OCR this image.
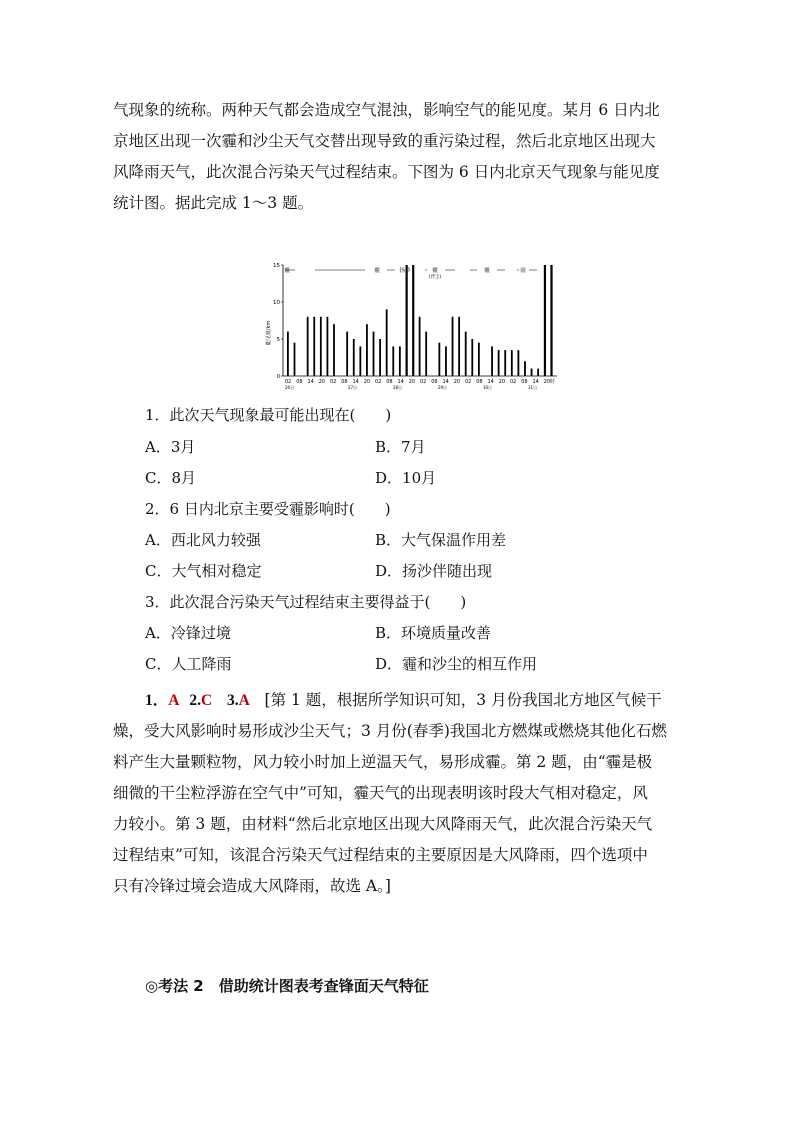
气现象的统称。两种天气都会造成空气混浊，影响空气的能见度。某月 6 日内北

京地区出现一次霾和沙尘天气交替出现导致的重污染过程，然后北京地区出现大

风降雨天气，此次混合污染天气过程结束。下图为 6 日内北京天气现象与能见度

统计图。据此完成 1～3 题。

能见度/km
0
5
10
15
02 08 14 20 02 08 14 20 02 08 14 20 02 08 14 20 02 08 14 20 02 08 14 20时
26日	27日	28日	29日	30日	31日
霾	霾	扬沙	霾
(浮尘)
霾	雨
1．此次天气现象最可能出现在(　　)
A．3月	B．7月
C．8月	D．10月
2．6 日内北京主要受霾影响时(　　)
A．西北风力较强	B．大气保温作用差
C．大气相对稳定	D．扬沙伴随出现
3．此次混合污染天气过程结束主要得益于(　　)
A．冷锋过境	B．环境质量改善
C．人工降雨	D．霾和沙尘的相互作用
1．A 2.C 3.A [第 1 题，根据所学知识可知，3 月份我国北方地区气候干
燥，受大风影响时易形成沙尘天气；3 月份(春季)我国北方燃煤或燃烧其他化石燃
料产生大量颗粒物，风力较小时加上逆温天气，易形成霾。第 2 题，由“霾是极
细微的干尘粒浮游在空气中”可知，霾天气的出现表明该时段大气相对稳定，风
力较小。第 3 题，由材料“然后北京地区出现大风降雨天气，此次混合污染天气
过程结束”可知，该混合污染天气过程结束的主要原因是大风降雨，四个选项中
只有冷锋过境会造成大风降雨，故选 A。]
◎考法 2　借助统计图表考查锋面天气特征
